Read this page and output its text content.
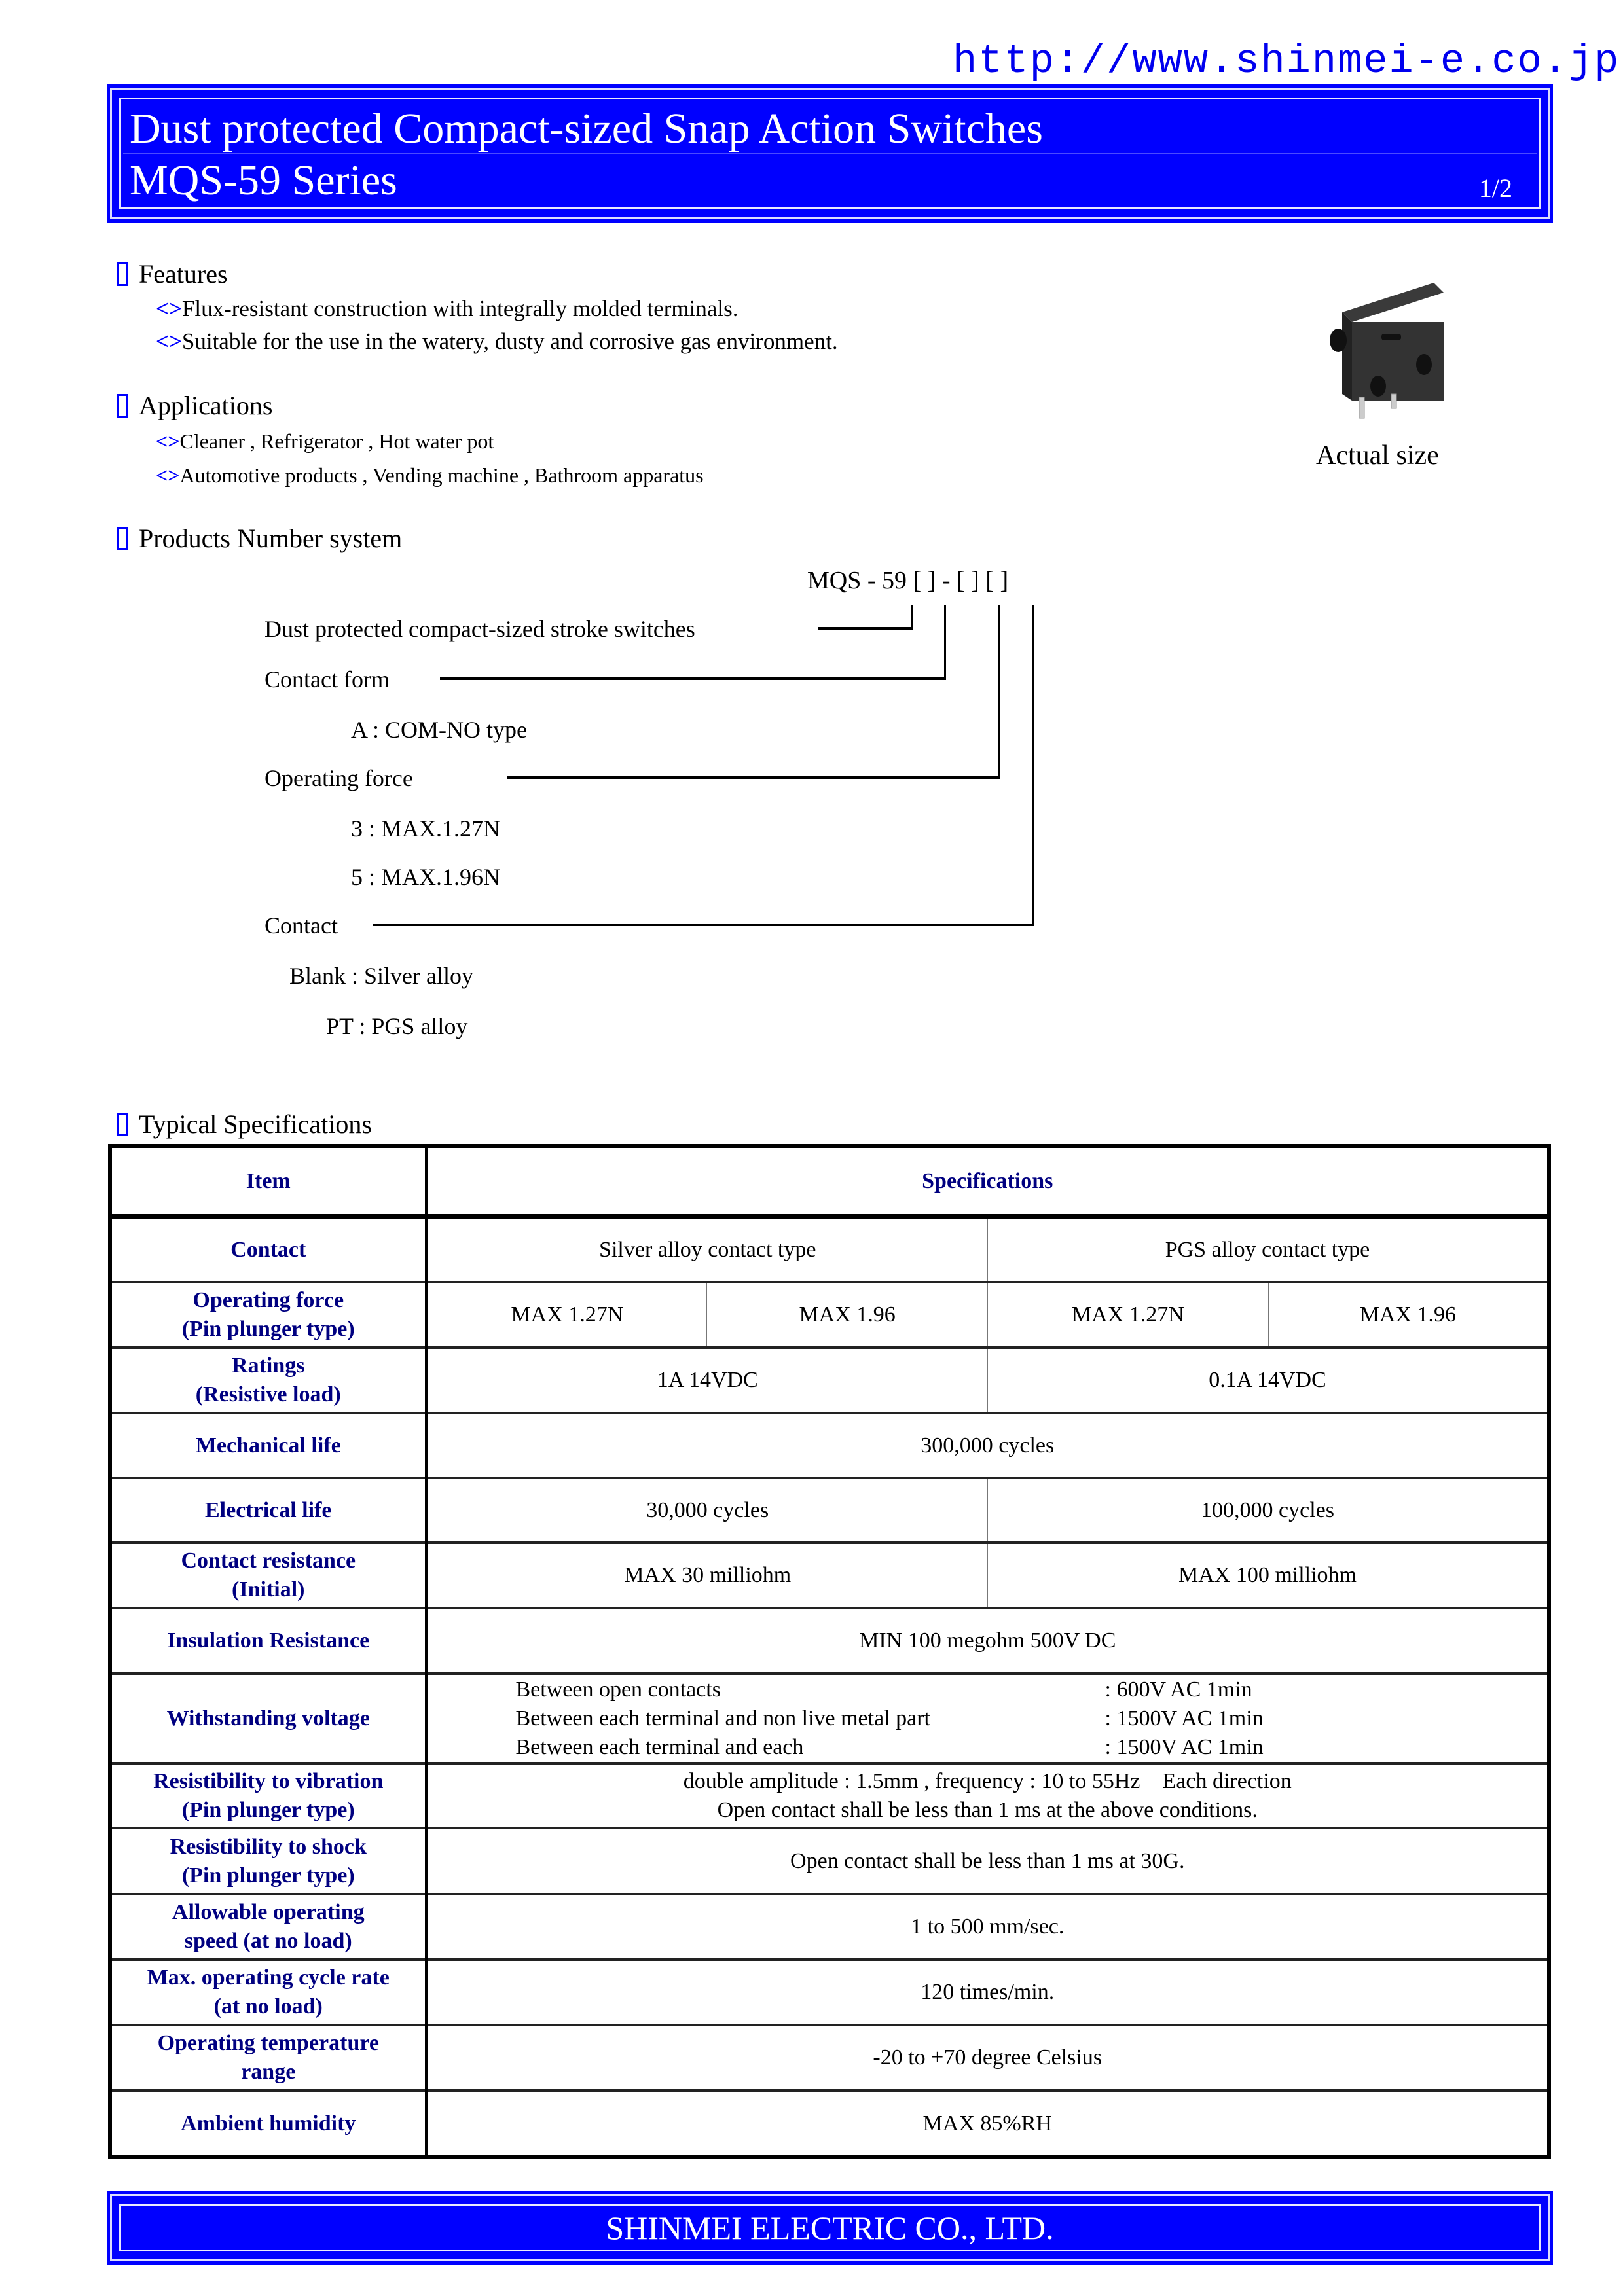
http://www.shinmei-e.co.jp
Dust protected Compact-sized Snap Action Switches
MQS-59 Series	1/2
Features
<>Flux-resistant construction with integrally molded terminals.
<>Suitable for the use in the watery, dusty and corrosive gas environment.
Applications
<>Cleaner , Refrigerator , Hot water pot
<>Automotive products , Vending machine , Bathroom apparatus
Actual size
Products Number system
MQS - 59 [ ] - [ ] [ ]
Dust protected compact-sized stroke switches
Contact form
A : COM-NO type
Operating force
3 : MAX.1.27N
5 : MAX.1.96N
Contact
Blank : Silver alloy
PT : PGS alloy
Typical Specifications
Item	Specifications			
Contact	Silver alloy contact type		PGS alloy contact type	
Operating force
(Pin plunger type)	MAX 1.27N	MAX 1.96	MAX 1.27N	MAX 1.96
Ratings
(Resistive load)	1A 14VDC		0.1A 14VDC	
Mechanical life	300,000 cycles			
Electrical life	30,000 cycles		100,000 cycles	
Contact resistance
(Initial)	MAX 30 milliohm		MAX 100 milliohm	
Insulation Resistance	MIN 100 megohm 500V DC			
Withstanding voltage	
Between open contacts	: 600V AC 1min
Between each terminal and non live metal part	: 1500V AC 1min
Between each terminal and each	: 1500V AC 1min

Resistibility to vibration
(Pin plunger type)	double amplitude : 1.5mm , frequency : 10 to 55Hz    Each direction
Open contact shall be less than 1 ms at the above conditions.			
Resistibility to shock
(Pin plunger type)	Open contact shall be less than 1 ms at 30G.			
Allowable operating
speed (at no load)	1 to 500 mm/sec.			
Max. operating cycle rate
(at no load)	120 times/min.			
Operating temperature
range	-20 to +70 degree Celsius			
Ambient humidity	MAX 85%RH			
SHINMEI ELECTRIC CO., LTD.
